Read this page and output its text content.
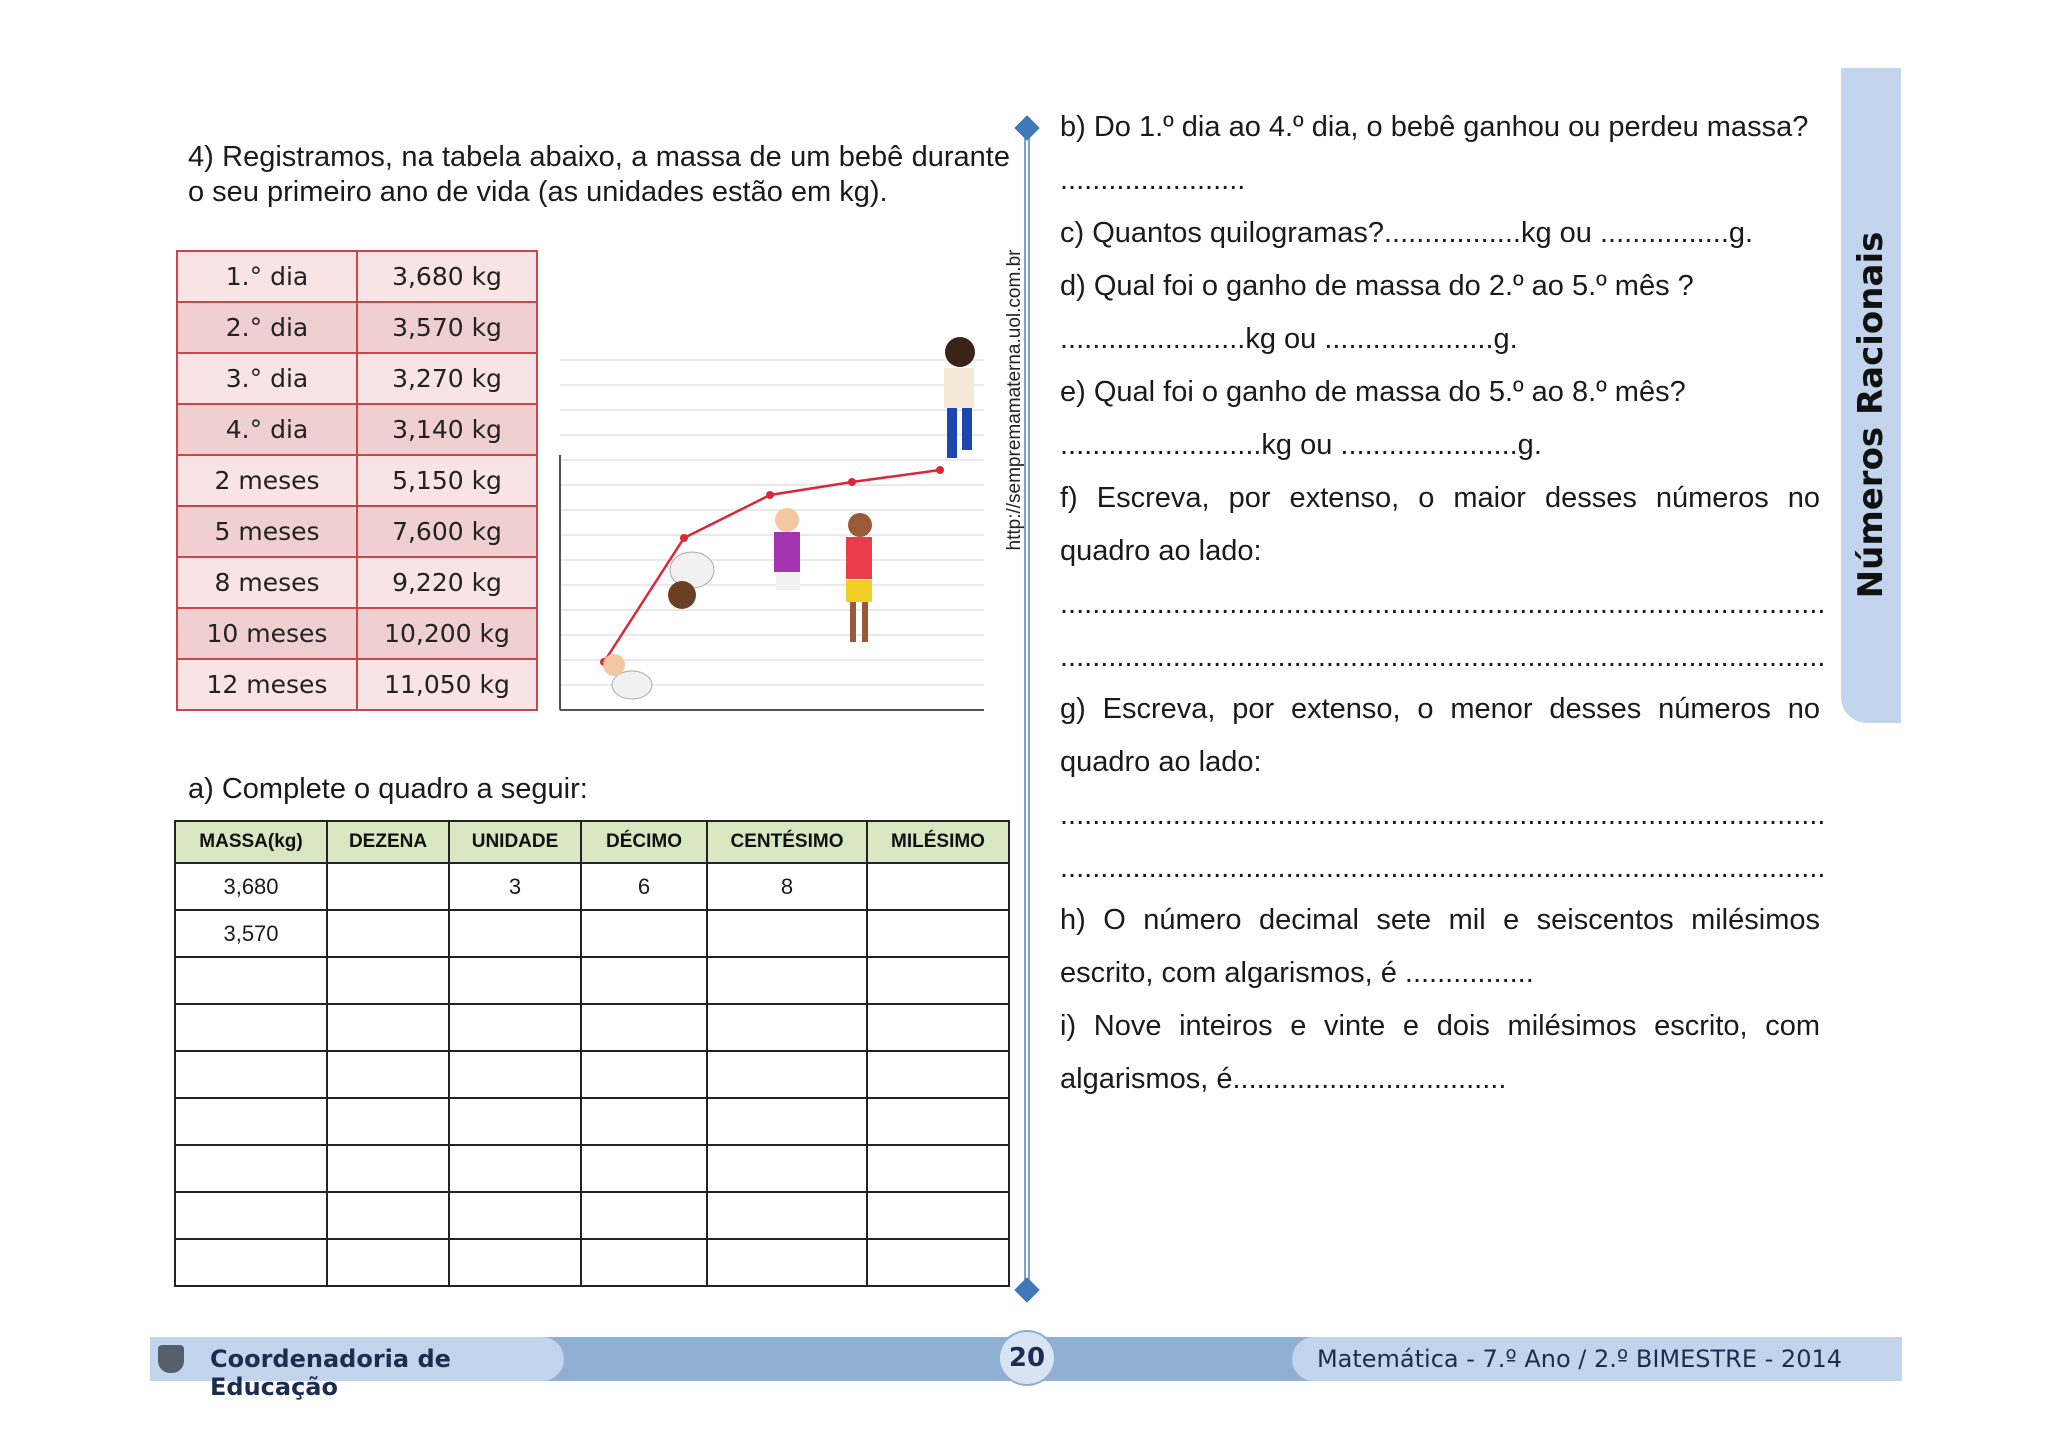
4) Registramos, na tabela abaixo, a massa de um bebê durante o seu primeiro ano de vida (as unidades estão em kg).
1.° dia	3,680 kg
2.° dia	3,570 kg
3.° dia	3,270 kg
4.° dia	3,140 kg
2 meses	5,150 kg
5 meses	7,600 kg
8 meses	9,220 kg
10 meses	10,200 kg
12 meses	11,050 kg
http://sempremamaterna.uol.com.br
a) Complete o quadro a seguir:
MASSA(kg)	DEZENA	UNIDADE	DÉCIMO	CENTÉSIMO	MILÉSIMO
3,680		3	6	8	
3,570					

b) Do 1.º dia ao 4.º dia, o bebê ganhou ou perdeu massa?
.......................
c) Quantos quilogramas?.................kg ou ................g.
d) Qual foi o ganho de massa do 2.º ao 5.º mês ?
.......................kg ou .....................g.
e) Qual foi o ganho de massa do 5.º ao 8.º mês?
.........................kg ou ......................g.
f) Escreva, por extenso, o maior desses números no
quadro ao lado:
...............................................................................................
...............................................................................................
g) Escreva, por extenso, o menor desses números no
quadro ao lado:
...............................................................................................
...............................................................................................
h) O número decimal sete mil e seiscentos milésimos
escrito, com algarismos, é ................
i) Nove inteiros e vinte e dois milésimos escrito, com
algarismos, é..................................
Números Racionais
Coordenadoria de Educação
Matemática - 7.º Ano / 2.º BIMESTRE - 2014
20
